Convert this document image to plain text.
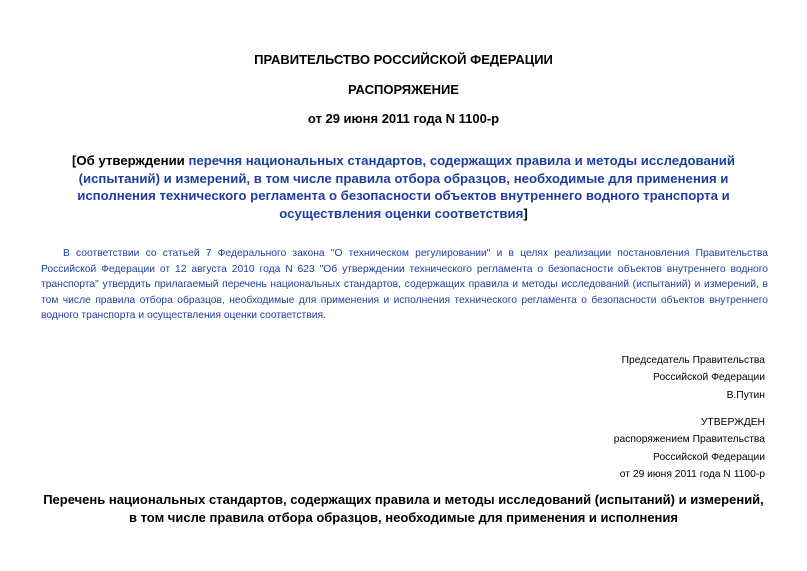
ПРАВИТЕЛЬСТВО РОССИЙСКОЙ ФЕДЕРАЦИИ
РАСПОРЯЖЕНИЕ
от 29 июня 2011 года N 1100-р
[Об утверждении перечня национальных стандартов, содержащих правила и методы исследований (испытаний) и измерений, в том числе правила отбора образцов, необходимые для применения и исполнения технического регламента о безопасности объектов внутреннего водного транспорта и осуществления оценки соответствия]
В соответствии со статьей 7 Федерального закона "О техническом регулировании" и в целях реализации постановления Правительства Российской Федерации от 12 августа 2010 года N 623 "Об утверждении технического регламента о безопасности объектов внутреннего водного транспорта" утвердить прилагаемый перечень национальных стандартов, содержащих правила и методы исследований (испытаний) и измерений, в том числе правила отбора образцов, необходимые для применения и исполнения технического регламента о безопасности объектов внутреннего водного транспорта и осуществления оценки соответствия.
Председатель Правительства
Российской Федерации
В.Путин
УТВЕРЖДЕН
распоряжением Правительства
Российской Федерации
от 29 июня 2011 года N 1100-р
Перечень национальных стандартов, содержащих правила и методы исследований (испытаний) и измерений, в том числе правила отбора образцов, необходимые для применения и исполнения
